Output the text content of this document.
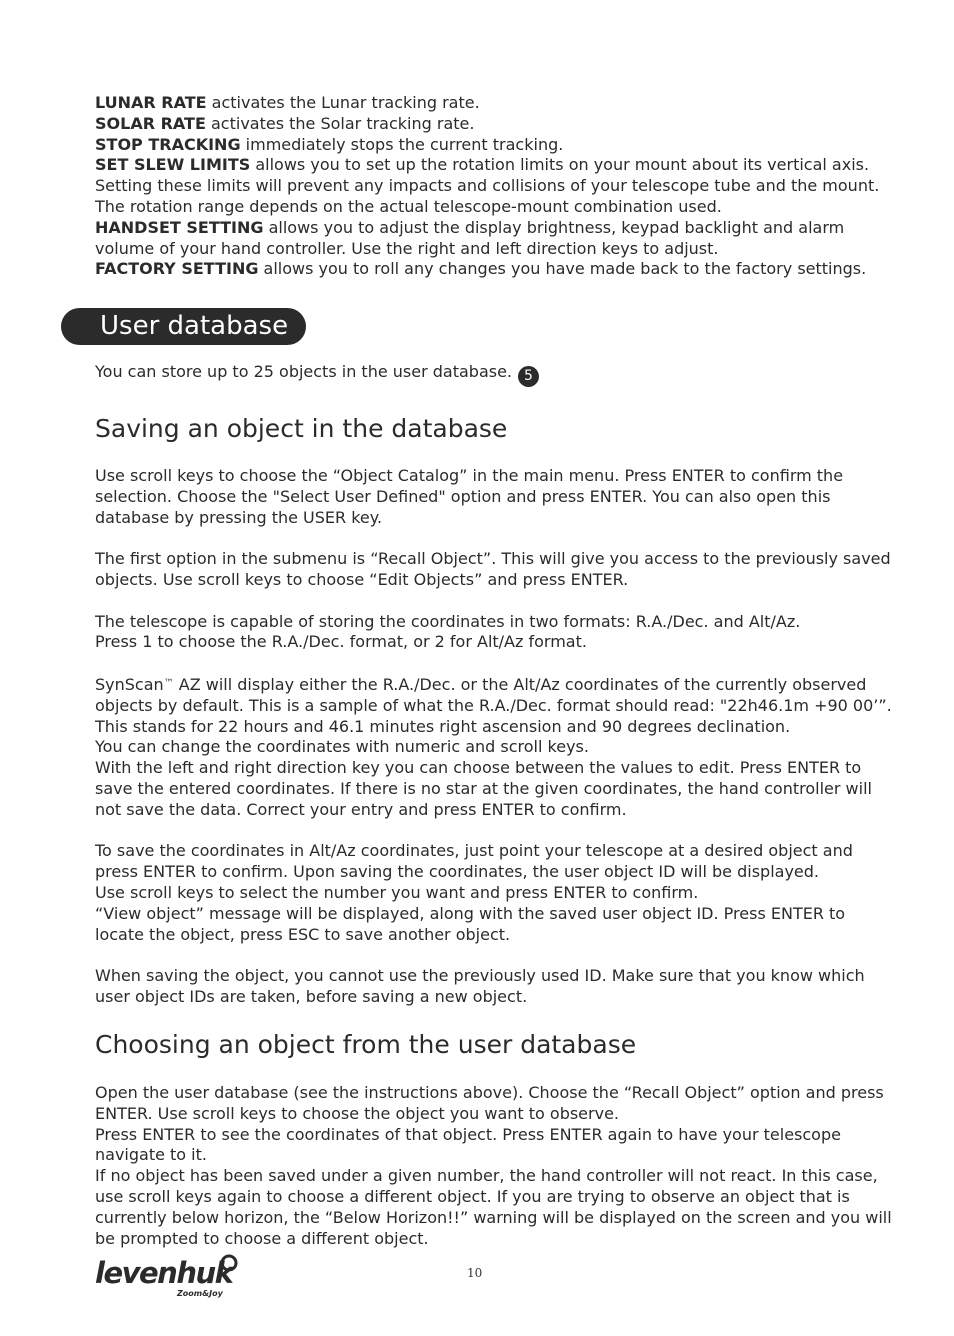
LUNAR RATE activates the Lunar tracking rate.

SOLAR RATE activates the Solar tracking rate.

STOP TRACKING immediately stops the current tracking.

SET SLEW LIMITS allows you to set up the rotation limits on your mount about its vertical axis. Setting these limits will prevent any impacts and collisions of your telescope tube and the mount. The rotation range depends on the actual telescope-mount combination used.

HANDSET SETTING allows you to adjust the display brightness, keypad backlight and alarm volume of your hand controller. Use the right and left direction keys to adjust.

FACTORY SETTING allows you to roll any changes you have made back to the factory settings.

User database

You can store up to 25 objects in the user database. 5

Saving an object in the database

Use scroll keys to choose the “Object Catalog” in the main menu. Press ENTER to confirm the selection. Choose the "Select User Defined" option and press ENTER. You can also open this database by pressing the USER key.

The first option in the submenu is “Recall Object”. This will give you access to the previously saved objects. Use scroll keys to choose “Edit Objects” and press ENTER.

The telescope is capable of storing the coordinates in two formats: R.A./Dec. and Alt/Az.

Press 1 to choose the R.A./Dec. format, or 2 for Alt/Az format.

SynScan™ AZ will display either the R.A./Dec. or the Alt/Az coordinates of the currently observed objects by default. This is a sample of what the R.A./Dec. format should read: "22h46.1m +90 00’”. This stands for 22 hours and 46.1 minutes right ascension and 90 degrees declination.

You can change the coordinates with numeric and scroll keys.

With the left and right direction key you can choose between the values to edit. Press ENTER to save the entered coordinates. If there is no star at the given coordinates, the hand controller will not save the data. Correct your entry and press ENTER to confirm.

To save the coordinates in Alt/Az coordinates, just point your telescope at a desired object and press ENTER to confirm. Upon saving the coordinates, the user object ID will be displayed.

Use scroll keys to select the number you want and press ENTER to confirm.

“View object” message will be displayed, along with the saved user object ID. Press ENTER to locate the object, press ESC to save another object.

When saving the object, you cannot use the previously used ID. Make sure that you know which user object IDs are taken, before saving a new object.

Choosing an object from the user database

Open the user database (see the instructions above). Choose the “Recall Object” option and press ENTER. Use scroll keys to choose the object you want to observe.

Press ENTER to see the coordinates of that object. Press ENTER again to have your telescope navigate to it.

If no object has been saved under a given number, the hand controller will not react. In this case, use scroll keys again to choose a different object. If you are trying to observe an object that is currently below horizon, the “Below Horizon!!” warning will be displayed on the screen and you will be prompted to choose a different object.

levenhuk
Zoom&Joy
10
